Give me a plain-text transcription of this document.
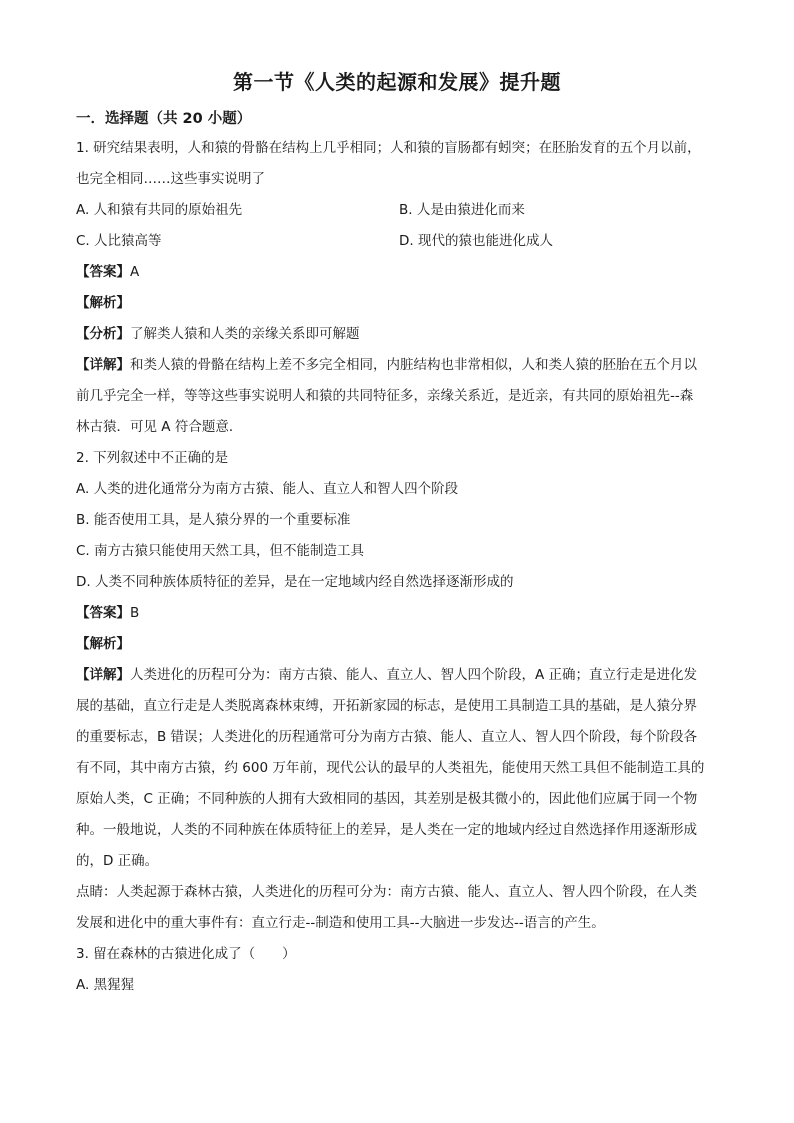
第一节《人类的起源和发展》提升题
一．选择题（共 20 小题）
1. 研究结果表明，人和猿的骨骼在结构上几乎相同；人和猿的盲肠都有蚓突；在胚胎发育的五个月以前，
也完全相同……这些事实说明了
A. 人和猿有共同的原始祖先	B. 人是由猿进化而来
C. 人比猿高等	D. 现代的猿也能进化成人
【答案】A
【解析】
【分析】了解类人猿和人类的亲缘关系即可解题
【详解】和类人猿的骨骼在结构上差不多完全相同，内脏结构也非常相似，人和类人猿的胚胎在五个月以
前几乎完全一样，等等这些事实说明人和猿的共同特征多，亲缘关系近，是近亲，有共同的原始祖先--森
林古猿．可见 A 符合题意．
2. 下列叙述中不正确的是
A. 人类的进化通常分为南方古猿、能人、直立人和智人四个阶段
B. 能否使用工具，是人猿分界的一个重要标准
C. 南方古猿只能使用天然工具，但不能制造工具
D. 人类不同种族体质特征的差异，是在一定地域内经自然选择逐渐形成的
【答案】B
【解析】
【详解】人类进化的历程可分为：南方古猿、能人、直立人、智人四个阶段，A 正确；直立行走是进化发
展的基础，直立行走是人类脱离森林束缚，开拓新家园的标志，是使用工具制造工具的基础，是人猿分界
的重要标志，B 错误；人类进化的历程通常可分为南方古猿、能人、直立人、智人四个阶段，每个阶段各
有不同，其中南方古猿，约 600 万年前，现代公认的最早的人类祖先，能使用天然工具但不能制造工具的
原始人类，C 正确；不同种族的人拥有大致相同的基因，其差别是极其微小的，因此他们应属于同一个物
种。一般地说，人类的不同种族在体质特征上的差异，是人类在一定的地域内经过自然选择作用逐渐形成
的，D 正确。
点睛：人类起源于森林古猿，人类进化的历程可分为：南方古猿、能人、直立人、智人四个阶段，在人类
发展和进化中的重大事件有：直立行走--制造和使用工具--大脑进一步发达--语言的产生。
3. 留在森林的古猿进化成了（　　）
A. 黑猩猩
